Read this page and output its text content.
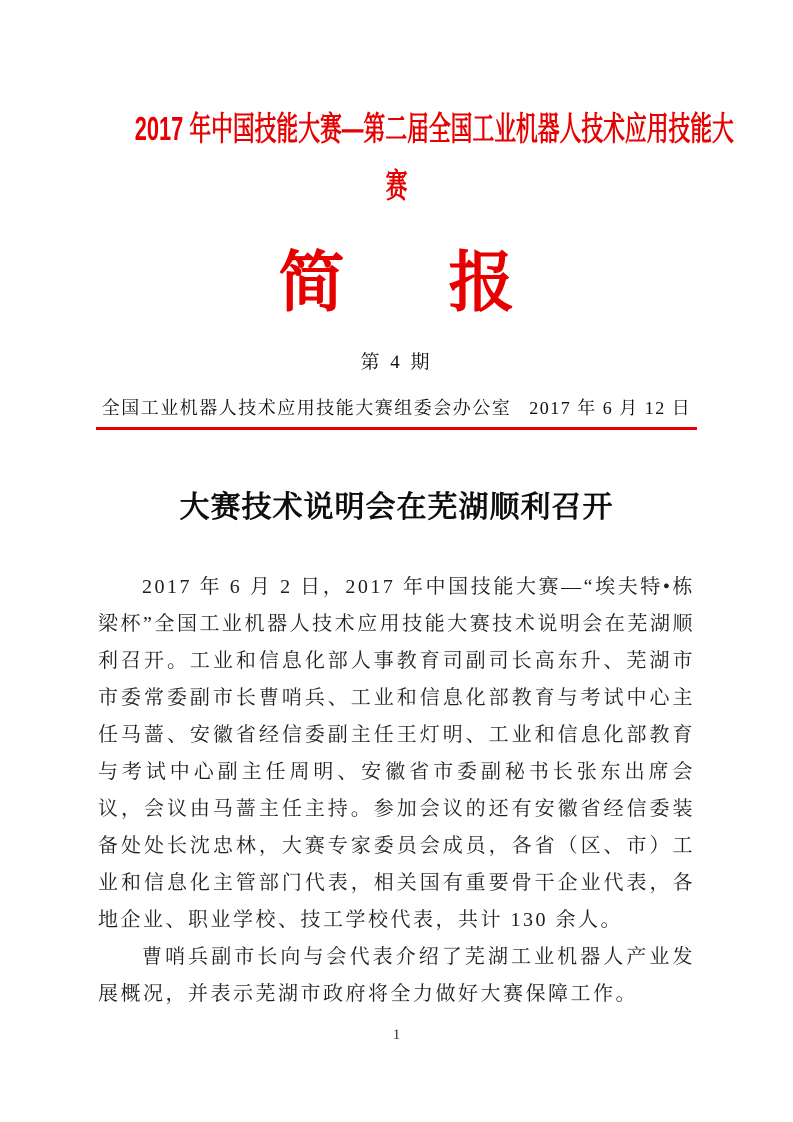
2017 年中国技能大赛—第二届全国工业机器人技术应用技能大
赛
简 报
第 4 期
全国工业机器人技术应用技能大赛组委会办公室 2017 年 6 月 12 日
大赛技术说明会在芜湖顺利召开

2017 年 6 月 2 日，2017 年中国技能大赛—“埃夫特•栋梁杯”全国工业机器人技术应用技能大赛技术说明会在芜湖顺利召开。工业和信息化部人事教育司副司长高东升、芜湖市市委常委副市长曹哨兵、工业和信息化部教育与考试中心主任马蔷、安徽省经信委副主任王灯明、工业和信息化部教育与考试中心副主任周明、安徽省市委副秘书长张东出席会议，会议由马蔷主任主持。参加会议的还有安徽省经信委装备处处长沈忠林，大赛专家委员会成员，各省（区、市）工业和信息化主管部门代表，相关国有重要骨干企业代表，各地企业、职业学校、技工学校代表，共计 130 余人。

曹哨兵副市长向与会代表介绍了芜湖工业机器人产业发展概况，并表示芜湖市政府将全力做好大赛保障工作。

1
